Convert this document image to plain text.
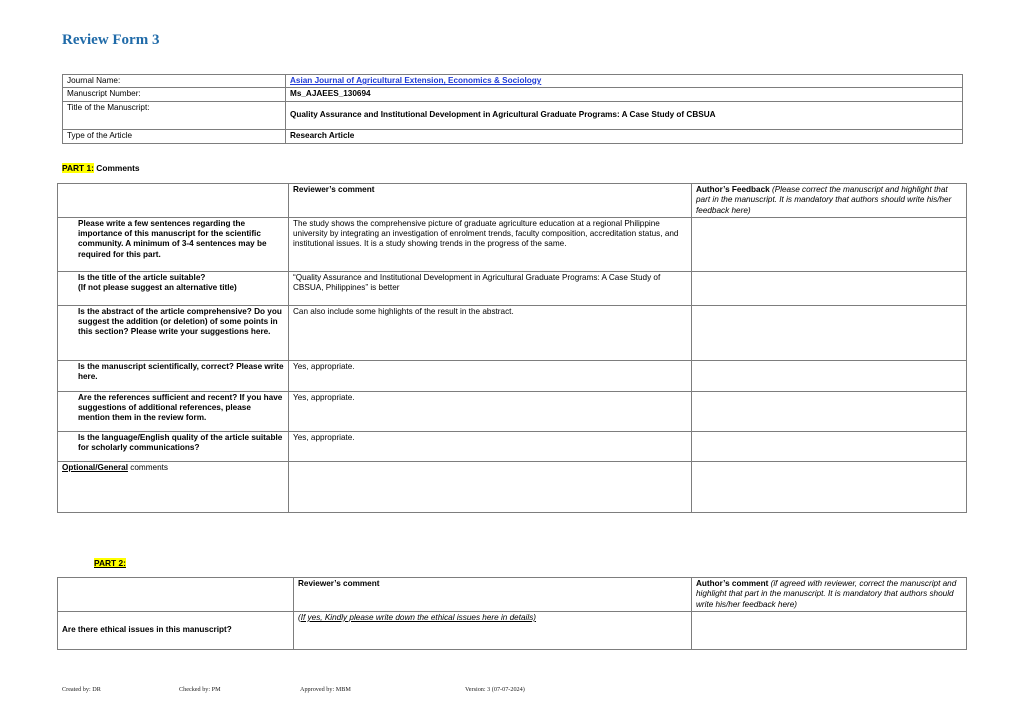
Review Form 3
Journal Name:	Asian Journal of Agricultural Extension, Economics & Sociology
Manuscript Number:	Ms_AJAEES_130694
Title of the Manuscript:	Quality Assurance and Institutional Development in Agricultural Graduate Programs: A Case Study of CBSUA
Type of the Article	Research Article
PART 1: Comments
	Reviewer’s comment	Author’s Feedback (Please correct the manuscript and highlight that part in the manuscript. It is mandatory that authors should write his/her feedback here)
Please write a few sentences regarding the importance of this manuscript for the scientific community. A minimum of 3-4 sentences may be required for this part.	The study shows the comprehensive picture of graduate agriculture education at a regional Philippine university by integrating an investigation of enrolment trends, faculty composition, accreditation status, and institutional issues. It is a study showing trends in the progress of the same.	
Is the title of the article suitable?
(If not please suggest an alternative title)	“Quality Assurance and Institutional Development in Agricultural Graduate Programs: A Case Study of CBSUA, Philippines” is better	
Is the abstract of the article comprehensive? Do you suggest the addition (or deletion) of some points in this section? Please write your suggestions here.	Can also include some highlights of the result in the abstract.	
Is the manuscript scientifically, correct? Please write here.	Yes, appropriate.	
Are the references sufficient and recent? If you have suggestions of additional references, please mention them in the review form.	Yes, appropriate.	
Is the language/English quality of the article suitable for scholarly communications?	Yes, appropriate.	
Optional/General comments		
PART 2:
	Reviewer’s comment	Author’s comment (if agreed with reviewer, correct the manuscript and highlight that part in the manuscript. It is mandatory that authors should write his/her feedback here)
Are there ethical issues in this manuscript?	(If yes, Kindly please write down the ethical issues here in details)	
Created by: DR	Checked by: PM	Approved by: MBM	Version: 3 (07-07-2024)
